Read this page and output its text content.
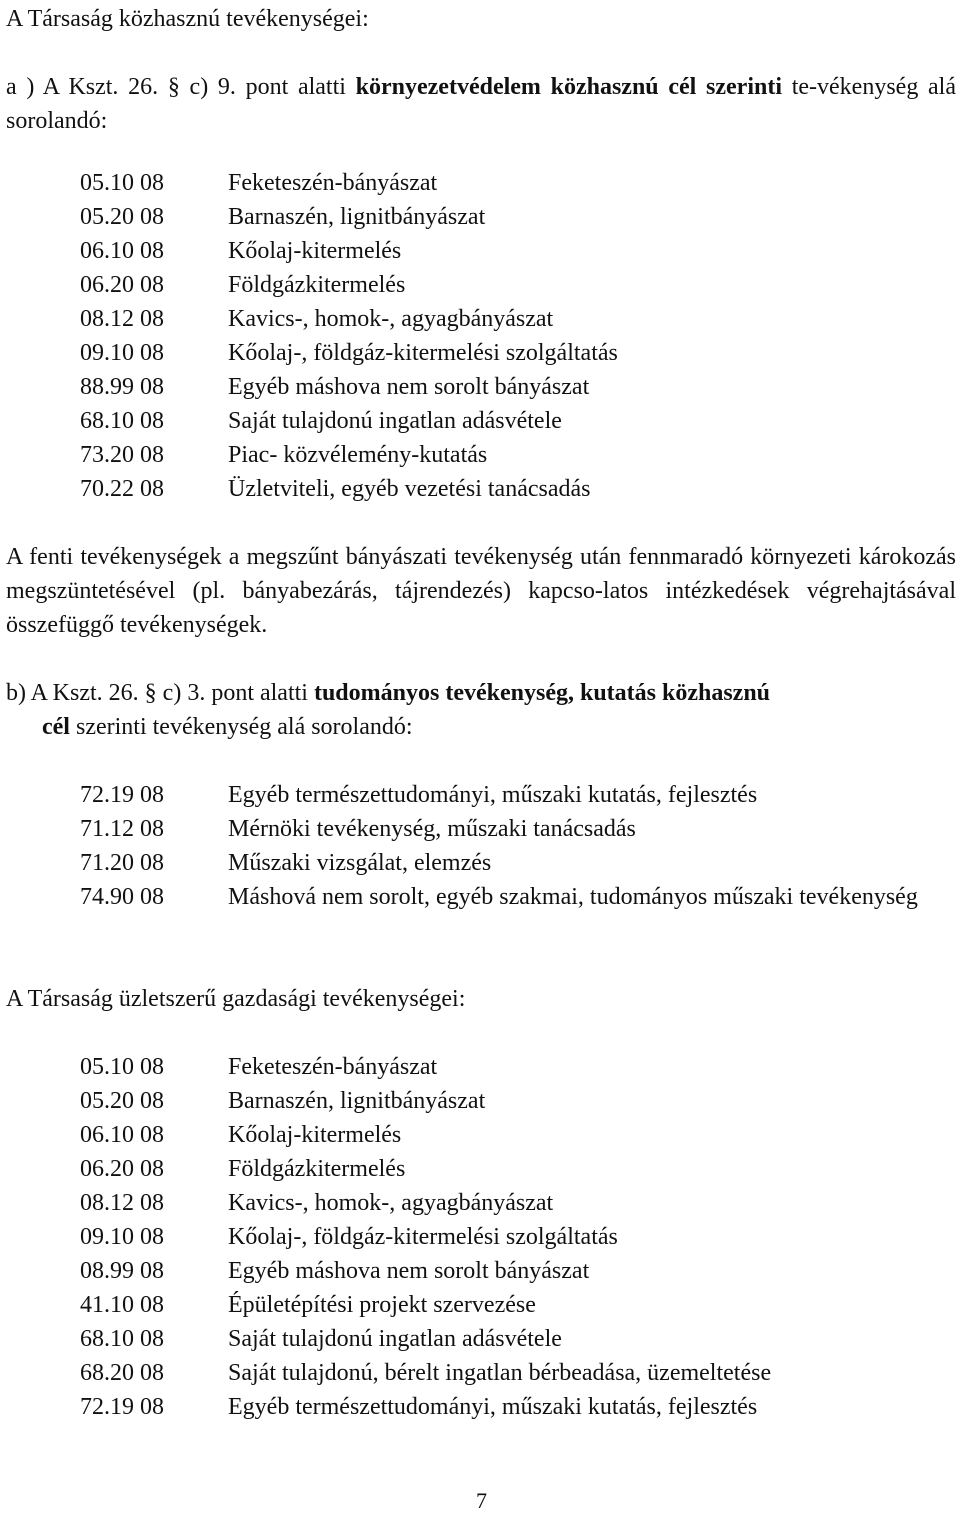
A Társaság közhasznú tevékenységei:

a ) A Kszt. 26. § c) 9. pont alatti környezetvédelem közhasznú cél szerinti te-vékenység alá sorolandó:

05.10 08	Feketeszén-bányászat
05.20 08	Barnaszén, lignitbányászat
06.10 08	Kőolaj-kitermelés
06.20 08	Földgázkitermelés
08.12 08	Kavics-, homok-, agyagbányászat
09.10 08	Kőolaj-, földgáz-kitermelési szolgáltatás
88.99 08	Egyéb máshova nem sorolt bányászat
68.10 08	Saját tulajdonú ingatlan adásvétele
73.20 08	Piac- közvélemény-kutatás
70.22 08	Üzletviteli, egyéb vezetési tanácsadás

A fenti tevékenységek a megszűnt bányászati tevékenység után fennmaradó környezeti károkozás megszüntetésével (pl. bányabezárás, tájrendezés) kapcso-latos intézkedések végrehajtásával összefüggő tevékenységek.

b) A Kszt. 26. § c) 3. pont alatti tudományos tevékenység, kutatás közhasznú
cél szerinti tevékenység alá sorolandó:

72.19 08	Egyéb természettudományi, műszaki kutatás, fejlesztés
71.12 08	Mérnöki tevékenység, műszaki tanácsadás
71.20 08	Műszaki vizsgálat, elemzés
74.90 08	Máshová nem sorolt, egyéb szakmai, tudományos műszaki tevékenység

A Társaság üzletszerű gazdasági tevékenységei:

05.10 08	Feketeszén-bányászat
05.20 08	Barnaszén, lignitbányászat
06.10 08	Kőolaj-kitermelés
06.20 08	Földgázkitermelés
08.12 08	Kavics-, homok-, agyagbányászat
09.10 08	Kőolaj-, földgáz-kitermelési szolgáltatás
08.99 08	Egyéb máshova nem sorolt bányászat
41.10 08	Épületépítési projekt szervezése
68.10 08	Saját tulajdonú ingatlan adásvétele
68.20 08	Saját tulajdonú, bérelt ingatlan bérbeadása, üzemeltetése
72.19 08	Egyéb természettudományi, műszaki kutatás, fejlesztés
7
